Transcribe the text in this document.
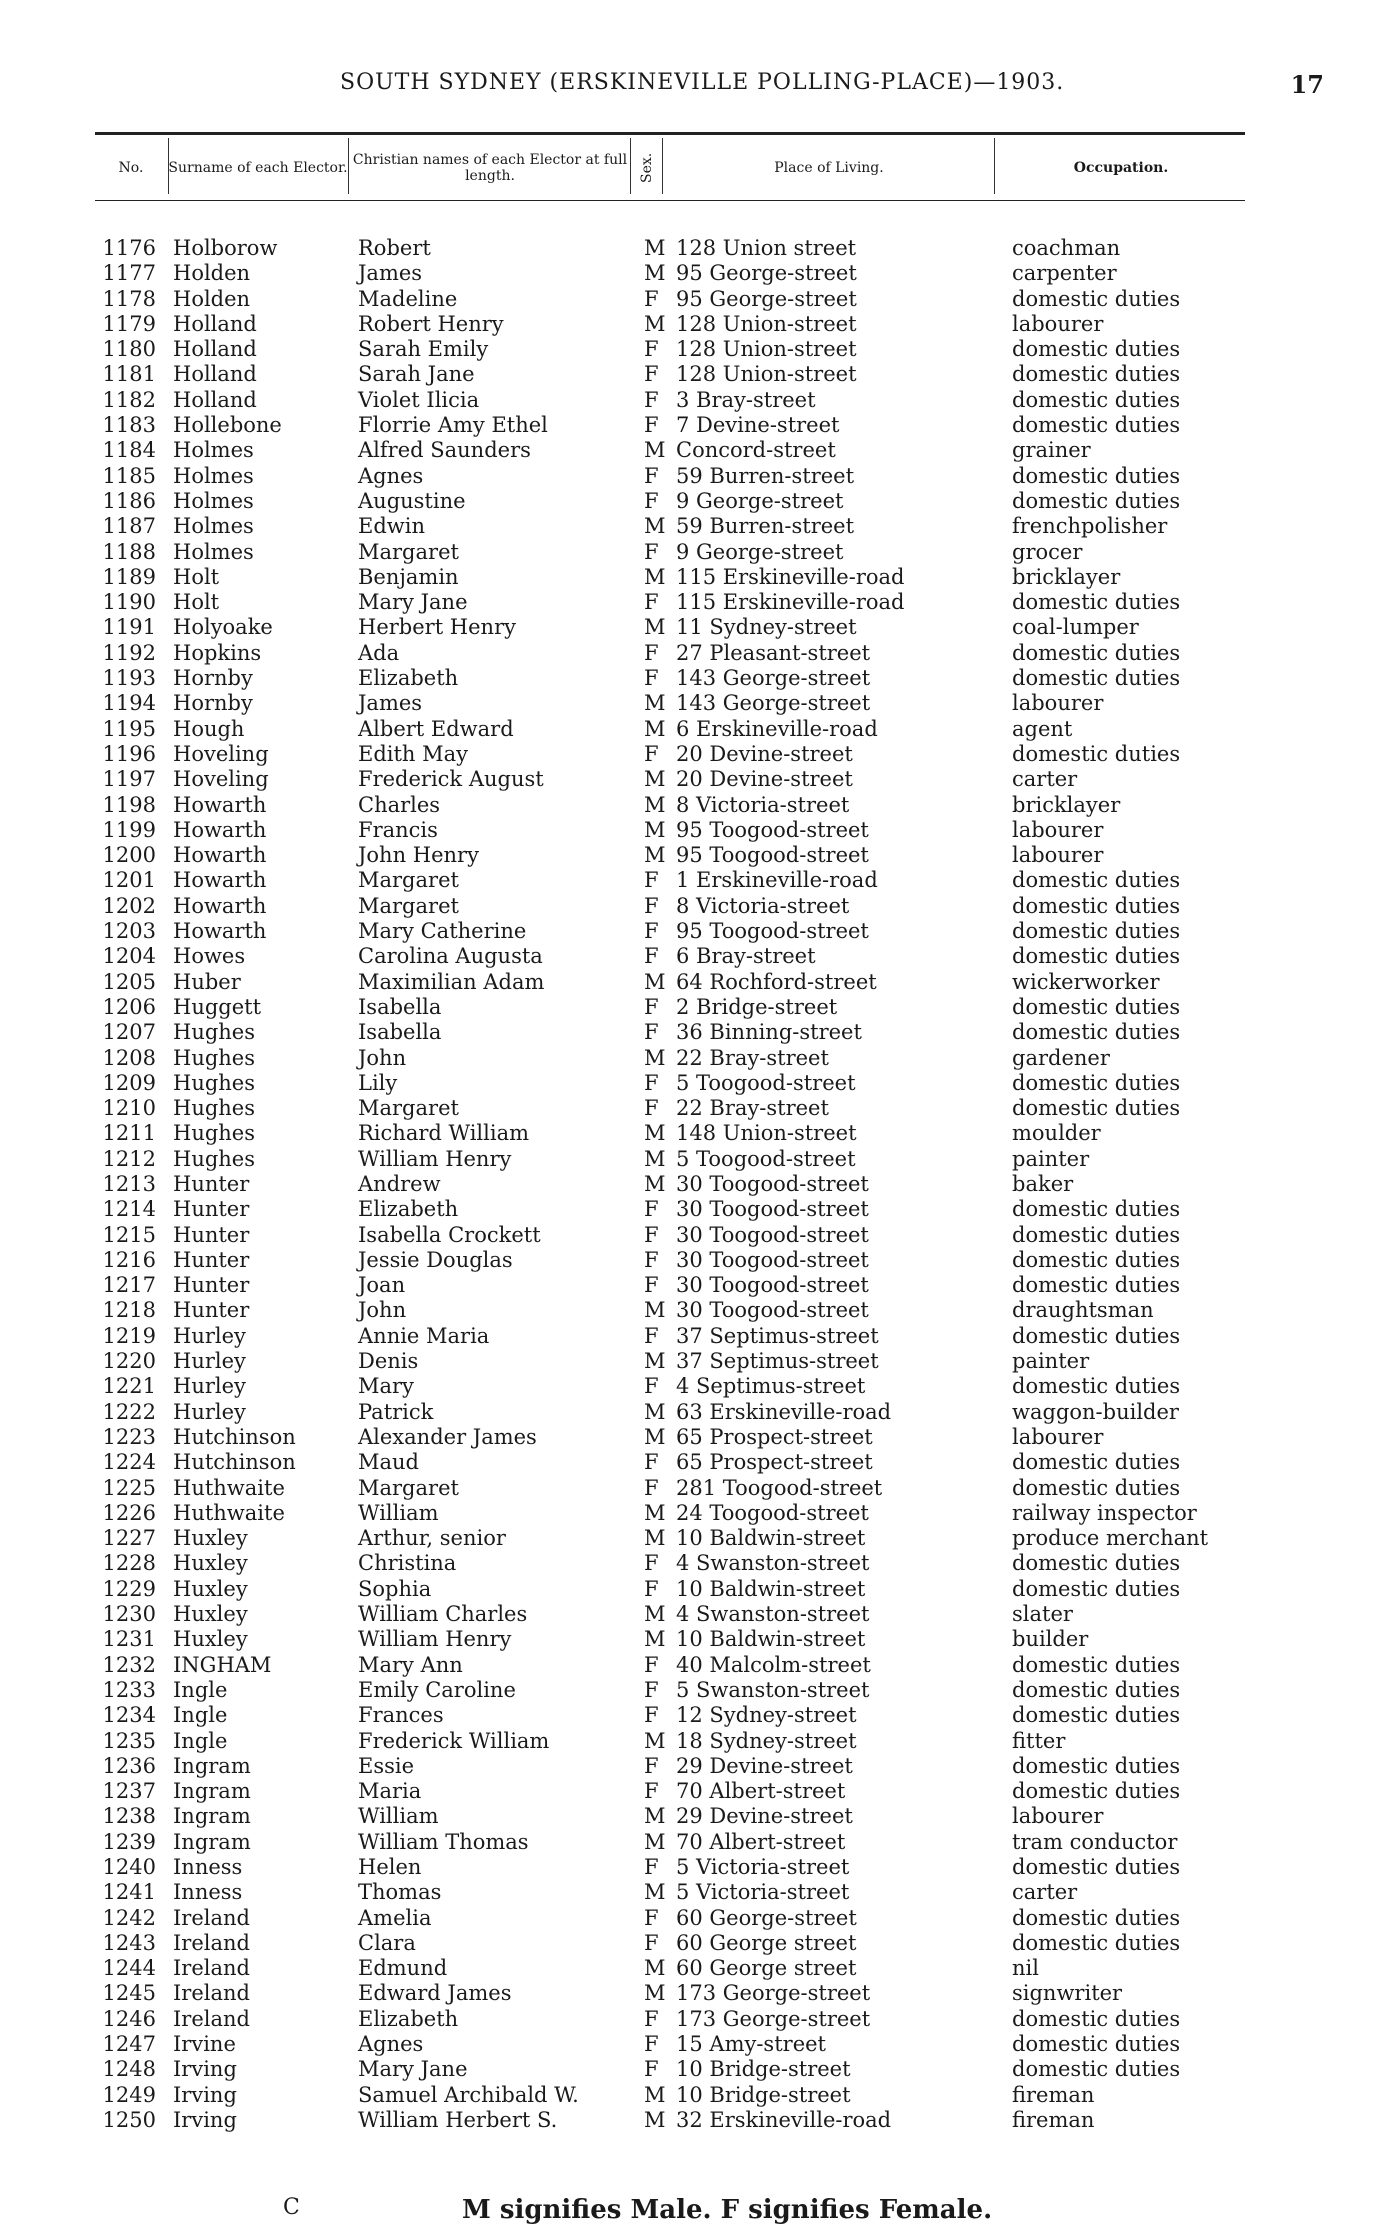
SOUTH SYDNEY (ERSKINEVILLE POLLING-PLACE)—1903.	17
No.	Surname of each Elector. Christian names of each Elector at full length.	Sex.	Place of Living.	Occupation.
1176 Holborow	Robert	M 128 Union street	coachman
1177 Holden	James	M 95 George-street	carpenter
1178 Holden	Madeline	F 95 George-street	domestic duties
1179 Holland	Robert Henry	M 128 Union-street	labourer
1180 Holland	Sarah Emily	F 128 Union-street	domestic duties
1181 Holland	Sarah Jane	F 128 Union-street	domestic duties
1182 Holland	Violet Ilicia	F 3 Bray-street	domestic duties
1183 Hollebone	Florrie Amy Ethel	F 7 Devine-street	domestic duties
1184 Holmes	Alfred Saunders	M Concord-street	grainer
1185 Holmes	Agnes	F 59 Burren-street	domestic duties
1186 Holmes	Augustine	F 9 George-street	domestic duties
1187 Holmes	Edwin	M 59 Burren-street	frenchpolisher
1188 Holmes	Margaret	F 9 George-street	grocer
1189 Holt	Benjamin	M 115 Erskineville-road	bricklayer
1190 Holt	Mary Jane	F 115 Erskineville-road	domestic duties
1191 Holyoake	Herbert Henry	M 11 Sydney-street	coal-lumper
1192 Hopkins	Ada	F 27 Pleasant-street	domestic duties
1193 Hornby	Elizabeth	F 143 George-street	domestic duties
1194 Hornby	James	M 143 George-street	labourer
1195 Hough	Albert Edward	M 6 Erskineville-road	agent
1196 Hoveling	Edith May	F 20 Devine-street	domestic duties
1197 Hoveling	Frederick August	M 20 Devine-street	carter
1198 Howarth	Charles	M 8 Victoria-street	bricklayer
1199 Howarth	Francis	M 95 Toogood-street	labourer
1200 Howarth	John Henry	M 95 Toogood-street	labourer
1201 Howarth	Margaret	F 1 Erskineville-road	domestic duties
1202 Howarth	Margaret	F 8 Victoria-street	domestic duties
1203 Howarth	Mary Catherine	F 95 Toogood-street	domestic duties
1204 Howes	Carolina Augusta	F 6 Bray-street	domestic duties
1205 Huber	Maximilian Adam	M 64 Rochford-street	wickerworker
1206 Huggett	Isabella	F 2 Bridge-street	domestic duties
1207 Hughes	Isabella	F 36 Binning-street	domestic duties
1208 Hughes	John	M 22 Bray-street	gardener
1209 Hughes	Lily	F 5 Toogood-street	domestic duties
1210 Hughes	Margaret	F 22 Bray-street	domestic duties
1211 Hughes	Richard William	M 148 Union-street	moulder
1212 Hughes	William Henry	M 5 Toogood-street	painter
1213 Hunter	Andrew	M 30 Toogood-street	baker
1214 Hunter	Elizabeth	F 30 Toogood-street	domestic duties
1215 Hunter	Isabella Crockett	F 30 Toogood-street	domestic duties
1216 Hunter	Jessie Douglas	F 30 Toogood-street	domestic duties
1217 Hunter	Joan	F 30 Toogood-street	domestic duties
1218 Hunter	John	M 30 Toogood-street	draughtsman
1219 Hurley	Annie Maria	F 37 Septimus-street	domestic duties
1220 Hurley	Denis	M 37 Septimus-street	painter
1221 Hurley	Mary	F 4 Septimus-street	domestic duties
1222 Hurley	Patrick	M 63 Erskineville-road	waggon-builder
1223 Hutchinson	Alexander James	M 65 Prospect-street	labourer
1224 Hutchinson	Maud	F 65 Prospect-street	domestic duties
1225 Huthwaite	Margaret	F 281 Toogood-street	domestic duties
1226 Huthwaite	William	M 24 Toogood-street	railway inspector
1227 Huxley	Arthur, senior	M 10 Baldwin-street	produce merchant
1228 Huxley	Christina	F 4 Swanston-street	domestic duties
1229 Huxley	Sophia	F 10 Baldwin-street	domestic duties
1230 Huxley	William Charles	M 4 Swanston-street	slater
1231 Huxley	William Henry	M 10 Baldwin-street	builder
1232 INGHAM	Mary Ann	F 40 Malcolm-street	domestic duties
1233 Ingle	Emily Caroline	F 5 Swanston-street	domestic duties
1234 Ingle	Frances	F 12 Sydney-street	domestic duties
1235 Ingle	Frederick William	M 18 Sydney-street	fitter
1236 Ingram	Essie	F 29 Devine-street	domestic duties
1237 Ingram	Maria	F 70 Albert-street	domestic duties
1238 Ingram	William	M 29 Devine-street	labourer
1239 Ingram	William Thomas	M 70 Albert-street	tram conductor
1240 Inness	Helen	F 5 Victoria-street	domestic duties
1241 Inness	Thomas	M 5 Victoria-street	carter
1242 Ireland	Amelia	F 60 George-street	domestic duties
1243 Ireland	Clara	F 60 George street	domestic duties
1244 Ireland	Edmund	M 60 George street	nil
1245 Ireland	Edward James	M 173 George-street	signwriter
1246 Ireland	Elizabeth	F 173 George-street	domestic duties
1247 Irvine	Agnes	F 15 Amy-street	domestic duties
1248 Irving	Mary Jane	F 10 Bridge-street	domestic duties
1249 Irving	Samuel Archibald W.	M 10 Bridge-street	fireman
1250 Irving	William Herbert S.	M 32 Erskineville-road	fireman
C	M signifies Male. F signifies Female.
